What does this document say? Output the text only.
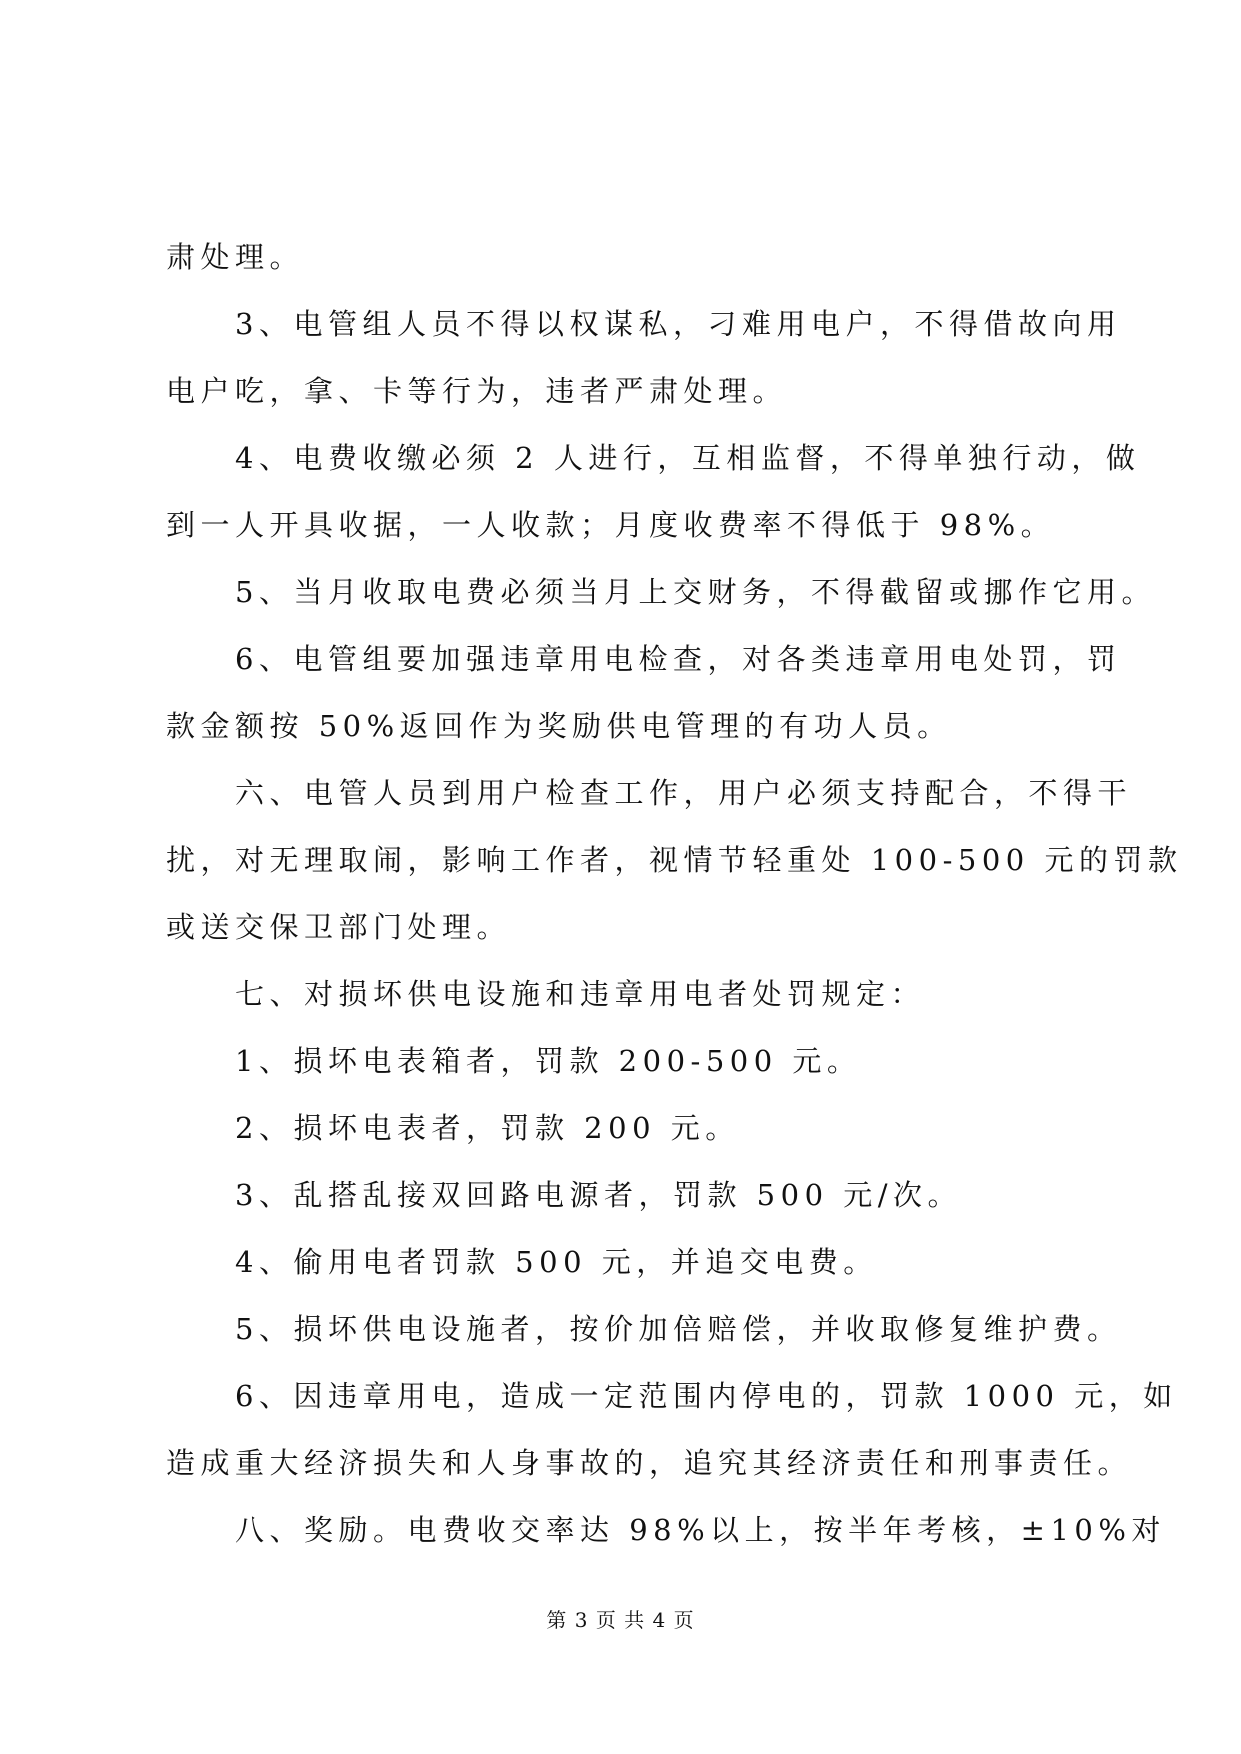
肃处理。

　　3、电管组人员不得以权谋私，刁难用电户，不得借故向用

电户吃，拿、卡等行为，违者严肃处理。

　　4、电费收缴必须 2 人进行，互相监督，不得单独行动，做

到一人开具收据，一人收款；月度收费率不得低于 98%。

　　5、当月收取电费必须当月上交财务，不得截留或挪作它用。

　　6、电管组要加强违章用电检查，对各类违章用电处罚，罚

款金额按 50%返回作为奖励供电管理的有功人员。

　　六、电管人员到用户检查工作，用户必须支持配合，不得干

扰，对无理取闹，影响工作者，视情节轻重处 100-500 元的罚款

或送交保卫部门处理。

　　七、对损坏供电设施和违章用电者处罚规定：

　　1、损坏电表箱者，罚款 200-500 元。

　　2、损坏电表者，罚款 200 元。

　　3、乱搭乱接双回路电源者，罚款 500 元/次。

　　4、偷用电者罚款 500 元，并追交电费。

　　5、损坏供电设施者，按价加倍赔偿，并收取修复维护费。

　　6、因违章用电，造成一定范围内停电的，罚款 1000 元，如

造成重大经济损失和人身事故的，追究其经济责任和刑事责任。

　　八、奖励。电费收交率达 98%以上，按半年考核，±10%对

第 3 页 共 4 页
